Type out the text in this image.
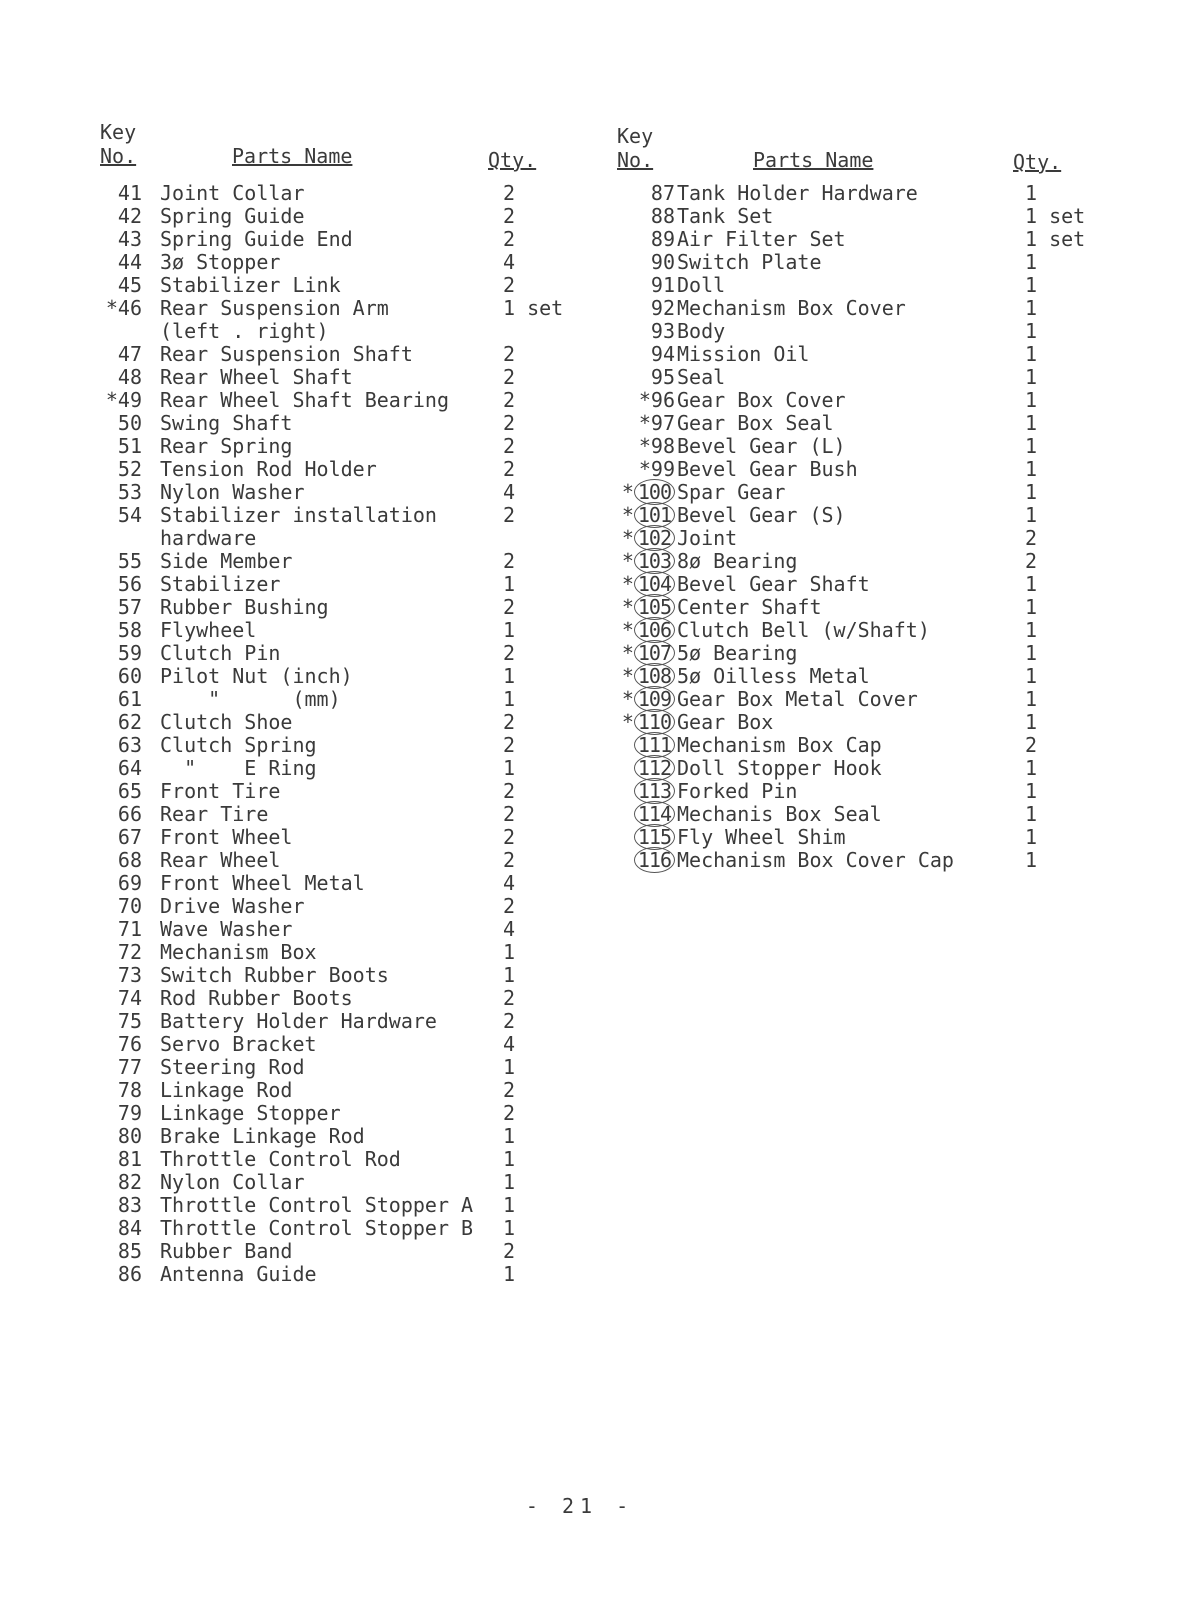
Key
No.	Parts Name	Qty.
41 Joint Collar	2
42 Spring Guide	2
43 Spring Guide End	2
44 3ø Stopper	4
45 Stabilizer Link	2
*46 Rear Suspension Arm	1 set
(left . right)
47 Rear Suspension Shaft	2
48 Rear Wheel Shaft	2
*49 Rear Wheel Shaft Bearing	2
50 Swing Shaft	2
51 Rear Spring	2
52 Tension Rod Holder	2
53 Nylon Washer	4
54 Stabilizer installation	2
hardware
55 Side Member	2
56 Stabilizer	1
57 Rubber Bushing	2
58 Flywheel	1
59 Clutch Pin	2
60 Pilot Nut (inch)	1
61 "      (mm)	1
62 Clutch Shoe	2
63 Clutch Spring	2
64 "    E Ring	1
65 Front Tire	2
66 Rear Tire	2
67 Front Wheel	2
68 Rear Wheel	2
69 Front Wheel Metal	4
70 Drive Washer	2
71 Wave Washer	4
72 Mechanism Box	1
73 Switch Rubber Boots	1
74 Rod Rubber Boots	2
75 Battery Holder Hardware	2
76 Servo Bracket	4
77 Steering Rod	1
78 Linkage Rod	2
79 Linkage Stopper	2
80 Brake Linkage Rod	1
81 Throttle Control Rod	1
82 Nylon Collar	1
83 Throttle Control Stopper A 1
84 Throttle Control Stopper B 1
85 Rubber Band	2
86 Antenna Guide	1
Key
No.	Parts Name	Qty.
87 Tank Holder Hardware	1
88 Tank Set	1 set
89 Air Filter Set	1 set
90 Switch Plate	1
91 Doll	1
92 Mechanism Box Cover	1
93 Body	1
94 Mission Oil	1
95 Seal	1
*96 Gear Box Cover	1
*97 Gear Box Seal	1
*98 Bevel Gear (L)	1
*99 Bevel Gear Bush	1
* 100 Spar Gear	1
* 101 Bevel Gear (S)	1
* 102 Joint	2
* 103 8ø Bearing	2
* 104 Bevel Gear Shaft	1
* 105 Center Shaft	1
* 106 Clutch Bell (w/Shaft)	1
* 107 5ø Bearing	1
* 108 5ø Oilless Metal	1
* 109 Gear Box Metal Cover	1
* 110 Gear Box	1
111 Mechanism Box Cap	2
112 Doll Stopper Hook	1
113 Forked Pin	1
114 Mechanis Box Seal	1
115 Fly Wheel Shim	1
116 Mechanism Box Cover Cap	1
- 21 -
